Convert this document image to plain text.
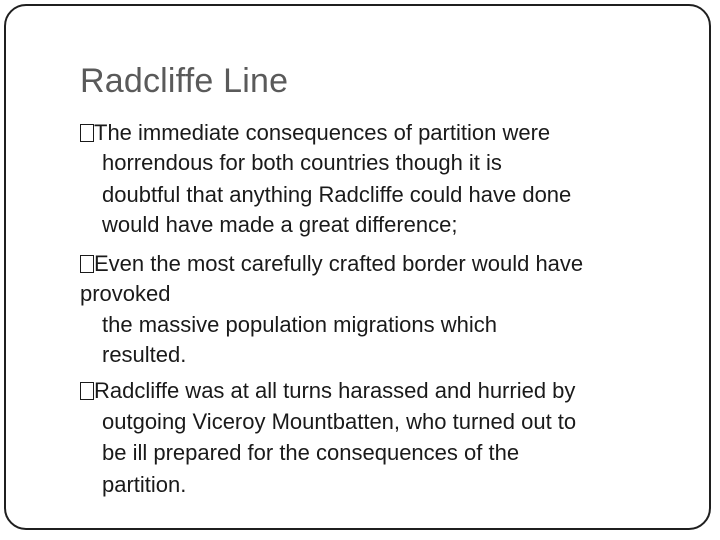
Radcliffe Line
The immediate consequences of partition were
horrendous for both countries though it is
doubtful that anything Radcliffe could have done
would have made a great difference;
Even the most carefully crafted border would have
provoked
the massive population migrations which
resulted.
Radcliffe was at all turns harassed and hurried by
outgoing Viceroy Mountbatten, who turned out to
be ill prepared for the consequences of the
partition.
